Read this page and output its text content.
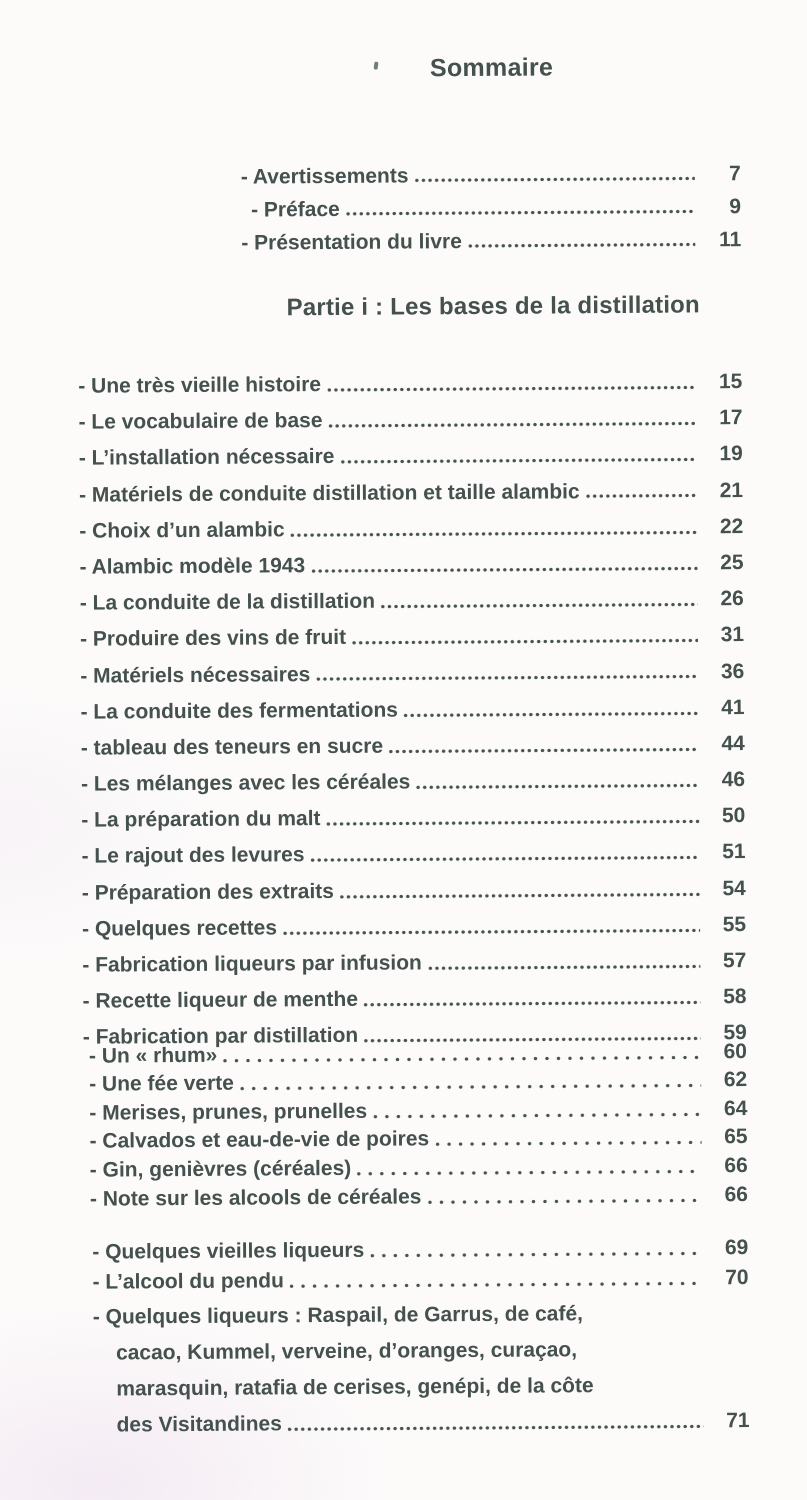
Sommaire
- Avertissements	7
- Préface	9
- Présentation du livre	11
Partie i : Les bases de la distillation
- Une très vieille histoire	15
- Le vocabulaire de base	17
- L’installation nécessaire	19
- Matériels de conduite distillation et taille alambic	21
- Choix d’un alambic	22
- Alambic modèle 1943	25
- La conduite de la distillation	26
- Produire des vins de fruit	31
- Matériels nécessaires	36
- La conduite des fermentations	41
- tableau des teneurs en sucre	44
- Les mélanges avec les céréales	46
- La préparation du malt	50
- Le rajout des levures	51
- Préparation des extraits	54
- Quelques recettes	55
- Fabrication liqueurs par infusion	57
- Recette liqueur de menthe	58
- Fabrication par distillation	59
- Un « rhum»	60
- Une fée verte	62
- Merises, prunes, prunelles	64
- Calvados et eau-de-vie de poires	65
- Gin, genièvres (céréales)	66
- Note sur les alcools de céréales	66
- Quelques vieilles liqueurs	69
- L’alcool du pendu	70
- Quelques liqueurs : Raspail, de Garrus, de café,
cacao, Kummel, verveine, d’oranges, curaçao,
marasquin, ratafia de cerises, genépi, de la côte
des Visitandines	71
